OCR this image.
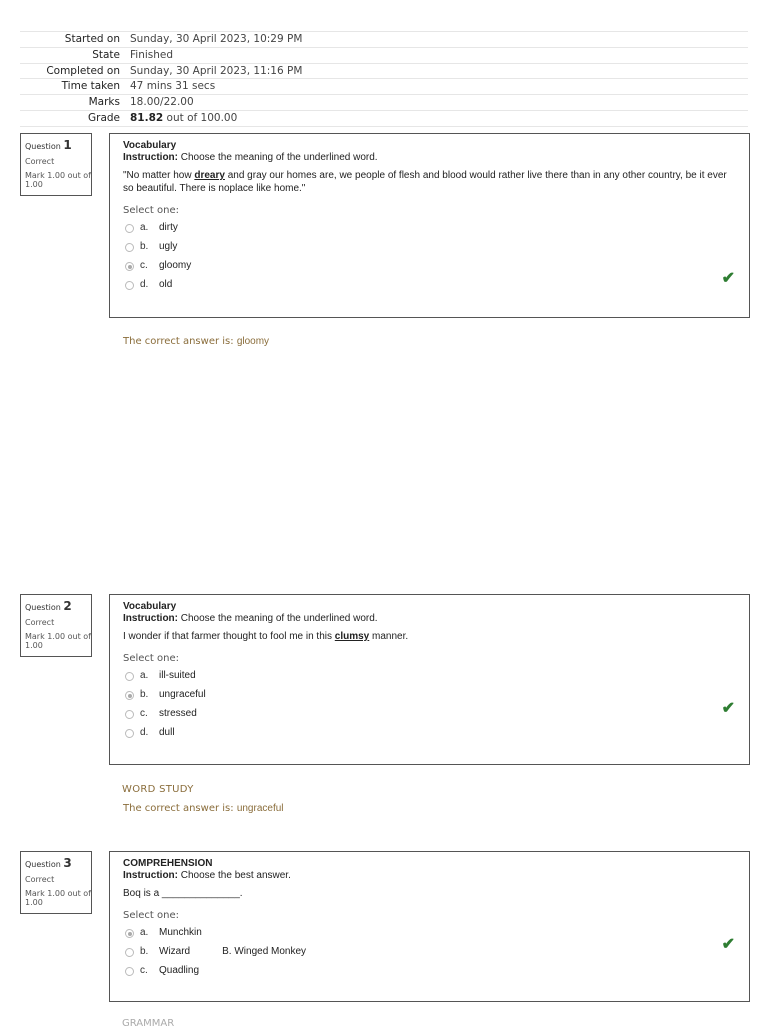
Started on Sunday, 30 April 2023, 10:29 PM
State Finished
Completed on Sunday, 30 April 2023, 11:16 PM
Time taken 47 mins 31 secs
Marks 18.00/22.00
Grade 81.82 out of 100.00
Question 1
Correct
Mark 1.00 out of 1.00
Vocabulary
Instruction: Choose the meaning of the underlined word.
"No matter how dreary and gray our homes are, we people of flesh and blood would rather live there than in any other country, be it ever so beautiful. There is noplace like home."
Select one:
a.	dirty
b.	ugly
c.	gloomy
d.	old	✔
The correct answer is: gloomy
Question 2
Correct
Mark 1.00 out of 1.00
Vocabulary
Instruction: Choose the meaning of the underlined word.
I wonder if that farmer thought to fool me in this clumsy manner.
Select one:
a.	ill-suited
b.	ungraceful
c.	stressed
d.	dull
✔
WORD STUDY
The correct answer is: ungraceful
Question 3
Correct
Mark 1.00 out of 1.00
COMPREHENSION
Instruction: Choose the best answer.
Boq is a ______________.
Select one:
a.	Munchkin
b.	Wizard	B. Winged Monkey
c.	Quadling
✔
GRAMMAR
